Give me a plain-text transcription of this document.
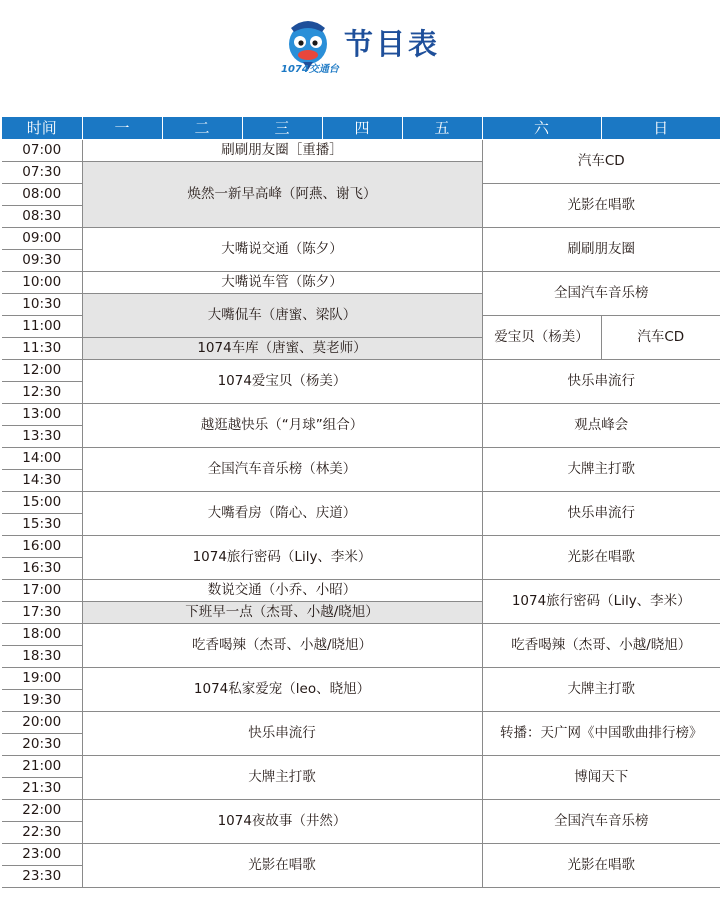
1074交通台
节目表
时间	一	二	三	四	五	六	日
07:00	刷刷朋友圈［重播］					汽车CD	
07:30	焕然一新早高峰（阿燕、谢飞）						
08:00						光影在唱歌	
08:30							
09:00	大嘴说交通（陈夕）					刷刷朋友圈	
09:30							
10:00	大嘴说车管（陈夕）					全国汽车音乐榜	
10:30	大嘴侃车（唐蜜、梁队）						
11:00						爱宝贝（杨美）	汽车CD
11:30	1074车库（唐蜜、莫老师）						
12:00	1074爱宝贝（杨美）					快乐串流行	
12:30							
13:00	越逛越快乐（“月球”组合）					观点峰会	
13:30							
14:00	全国汽车音乐榜（林美）					大牌主打歌	
14:30							
15:00	大嘴看房（隋心、庆道）					快乐串流行	
15:30							
16:00	1074旅行密码（Lily、李米）					光影在唱歌	
16:30							
17:00	数说交通（小乔、小昭）					1074旅行密码（Lily、李米）	
17:30	下班早一点（杰哥、小越/晓旭）						
18:00	吃香喝辣（杰哥、小越/晓旭）					吃香喝辣（杰哥、小越/晓旭）	
18:30							
19:00	1074私家爱宠（leo、晓旭）					大牌主打歌	
19:30							
20:00	快乐串流行					转播：天广网《中国歌曲排行榜》	
20:30							
21:00	大牌主打歌					博闻天下	
21:30							
22:00	1074夜故事（井然）					全国汽车音乐榜	
22:30							
23:00	光影在唱歌					光影在唱歌	
23:30							
